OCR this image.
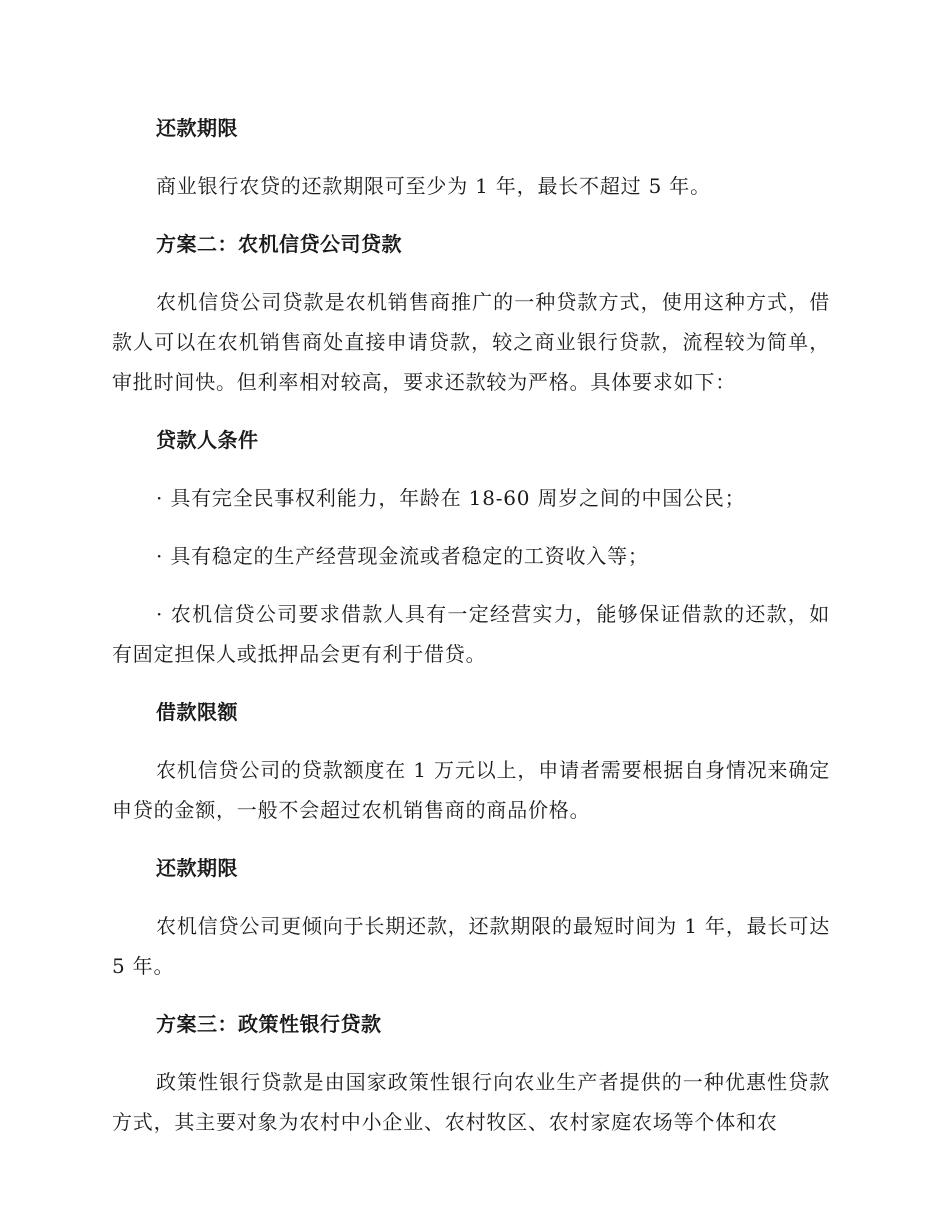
还款期限
商业银行农贷的还款期限可至少为 1 年，最长不超过 5 年。
方案二：农机信贷公司贷款
农机信贷公司贷款是农机销售商推广的一种贷款方式，使用这种方式，借款人可以在农机销售商处直接申请贷款，较之商业银行贷款，流程较为简单，审批时间快。但利率相对较高，要求还款较为严格。具体要求如下：
贷款人条件
· 具有完全民事权利能力，年龄在 18-60 周岁之间的中国公民；
· 具有稳定的生产经营现金流或者稳定的工资收入等；
· 农机信贷公司要求借款人具有一定经营实力，能够保证借款的还款，如有固定担保人或抵押品会更有利于借贷。
借款限额
农机信贷公司的贷款额度在 1 万元以上，申请者需要根据自身情况来确定申贷的金额，一般不会超过农机销售商的商品价格。
还款期限
农机信贷公司更倾向于长期还款，还款期限的最短时间为 1 年，最长可达 5 年。
方案三：政策性银行贷款
政策性银行贷款是由国家政策性银行向农业生产者提供的一种优惠性贷款方式，其主要对象为农村中小企业、农村牧区、农村家庭农场等个体和农
